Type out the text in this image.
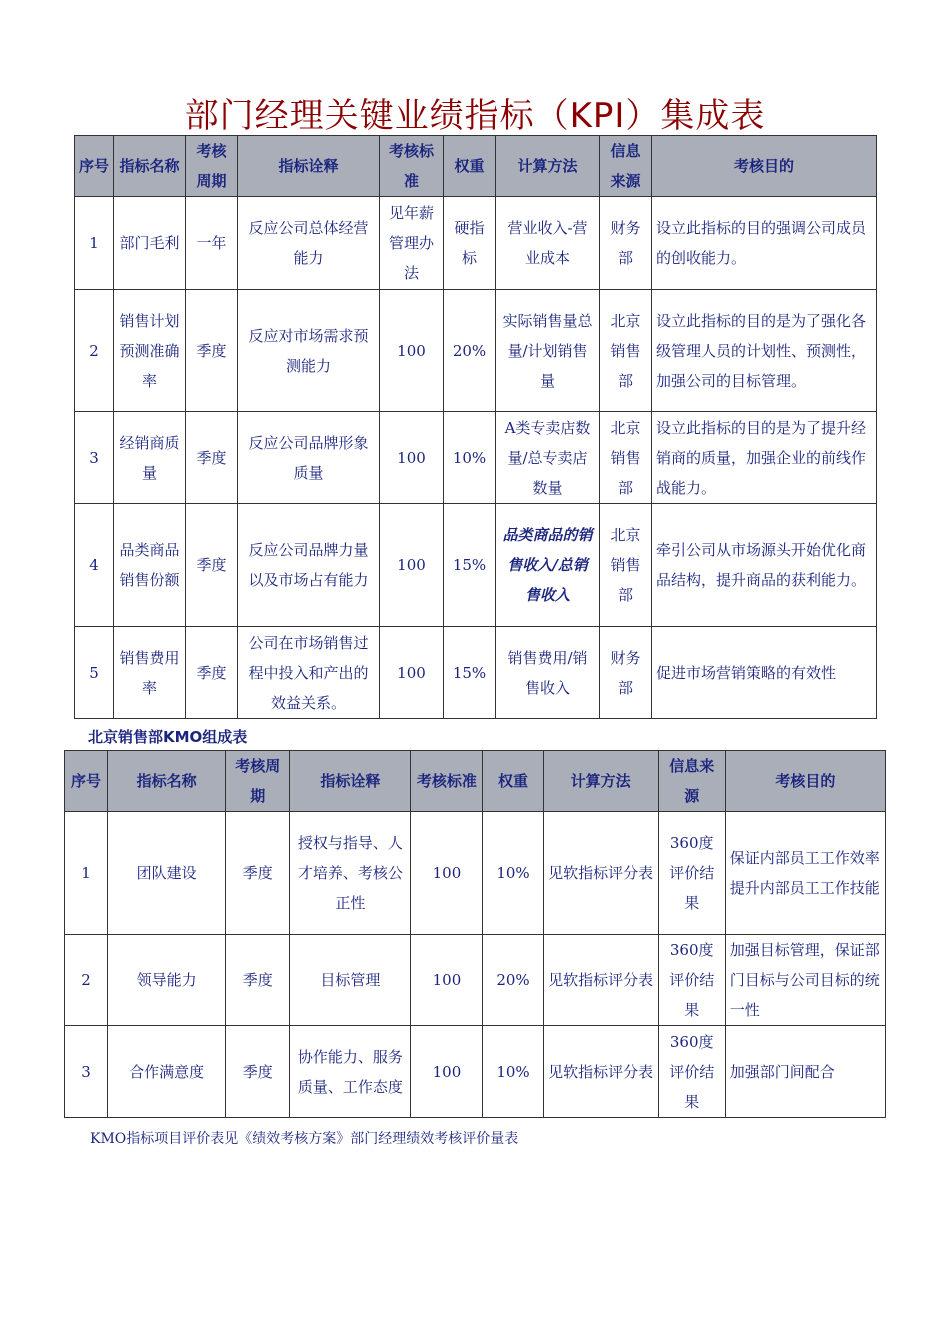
部门经理关键业绩指标（KPI）集成表
序号	指标名称	考核周期	指标诠释	考核标准	权重	计算方法	信息来源	考核目的
1	部门毛利	一年	反应公司总体经营能力	见年薪管理办法	硬指标	营业收入-营业成本	财务部	设立此指标的目的强调公司成员的创收能力。
2	销售计划预测准确率	季度	反应对市场需求预测能力	100	20%	实际销售量总量/计划销售量	北京销售部	设立此指标的目的是为了强化各级管理人员的计划性、预测性，加强公司的目标管理。
3	经销商质量	季度	反应公司品牌形象质量	100	10%	A类专卖店数量/总专卖店数量	北京销售部	设立此指标的目的是为了提升经销商的质量，加强企业的前线作战能力。
4	品类商品销售份额	季度	反应公司品牌力量以及市场占有能力	100	15%	品类商品的销售收入/总销售收入	北京销售部	牵引公司从市场源头开始优化商品结构，提升商品的获利能力。
5	销售费用率	季度	公司在市场销售过程中投入和产出的效益关系。	100	15%	销售费用/销售收入	财务部	促进市场营销策略的有效性
北京销售部KMO组成表
序号	指标名称	考核周期	指标诠释	考核标准	权重	计算方法	信息来源	考核目的
1	团队建设	季度	授权与指导、人才培养、考核公正性	100	10%	见软指标评分表	360度评价结果	保证内部员工工作效率
提升内部员工工作技能
2	领导能力	季度	目标管理	100	20%	见软指标评分表	360度评价结果	加强目标管理，保证部门目标与公司目标的统一性
3	合作满意度	季度	协作能力、服务质量、工作态度	100	10%	见软指标评分表	360度评价结果	加强部门间配合
KMO指标项目评价表见《绩效考核方案》部门经理绩效考核评价量表
